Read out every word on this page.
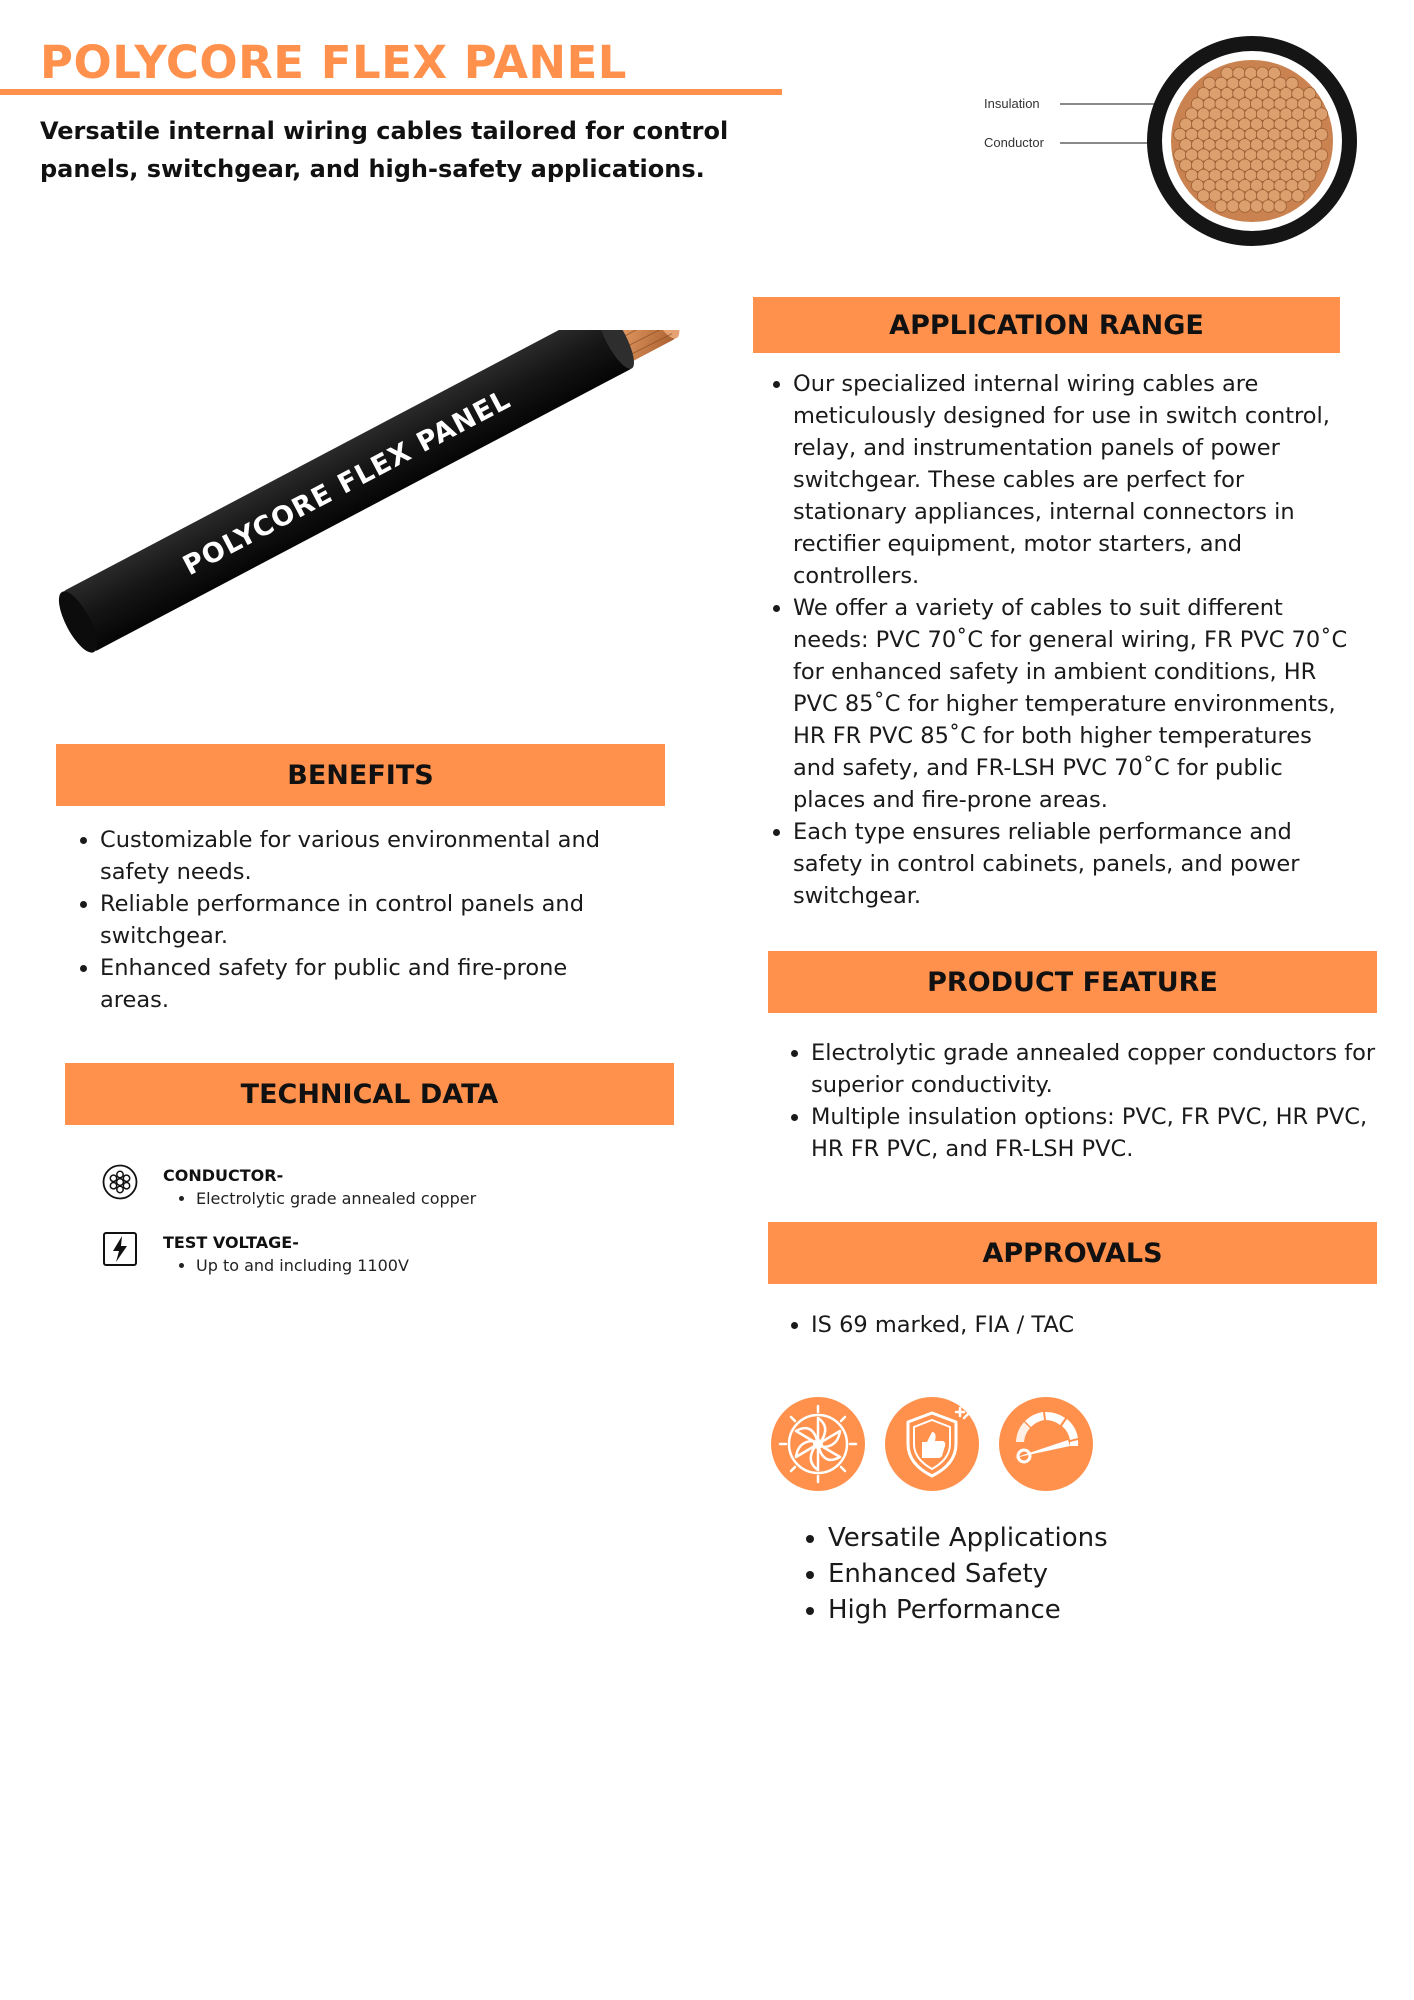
POLYCORE FLEX PANEL

Versatile internal wiring cables tailored for control panels, switchgear, and high-safety applications.

Insulation
Conductor
POLYCORE FLEX PANEL
APPLICATION RANGE
• Our specialized internal wiring cables are meticulously designed for use in switch control, relay, and instrumentation panels of power switchgear. These cables are perfect for stationary appliances, internal connectors in rectifier equipment, motor starters, and controllers.
• We offer a variety of cables to suit different needs: PVC 70˚C for general wiring, FR PVC 70˚C for enhanced safety in ambient conditions, HR PVC 85˚C for higher temperature environments, HR FR PVC 85˚C for both higher temperatures and safety, and FR-LSH PVC 70˚C for public places and fire-prone areas.
• Each type ensures reliable performance and safety in control cabinets, panels, and power switchgear.
BENEFITS
• Customizable for various environmental and safety needs.
• Reliable performance in control panels and switchgear.
• Enhanced safety for public and fire-prone areas.
PRODUCT FEATURE
• Electrolytic grade annealed copper conductors for superior conductivity.
• Multiple insulation options: PVC, FR PVC, HR PVC, HR FR PVC, and FR-LSH PVC.
TECHNICAL DATA
CONDUCTOR-
• Electrolytic grade annealed copper
TEST VOLTAGE-
• Up to and including 1100V	APPROVALS
• IS 69 marked, FIA / TAC
• Versatile Applications
• Enhanced Safety
• High Performance
